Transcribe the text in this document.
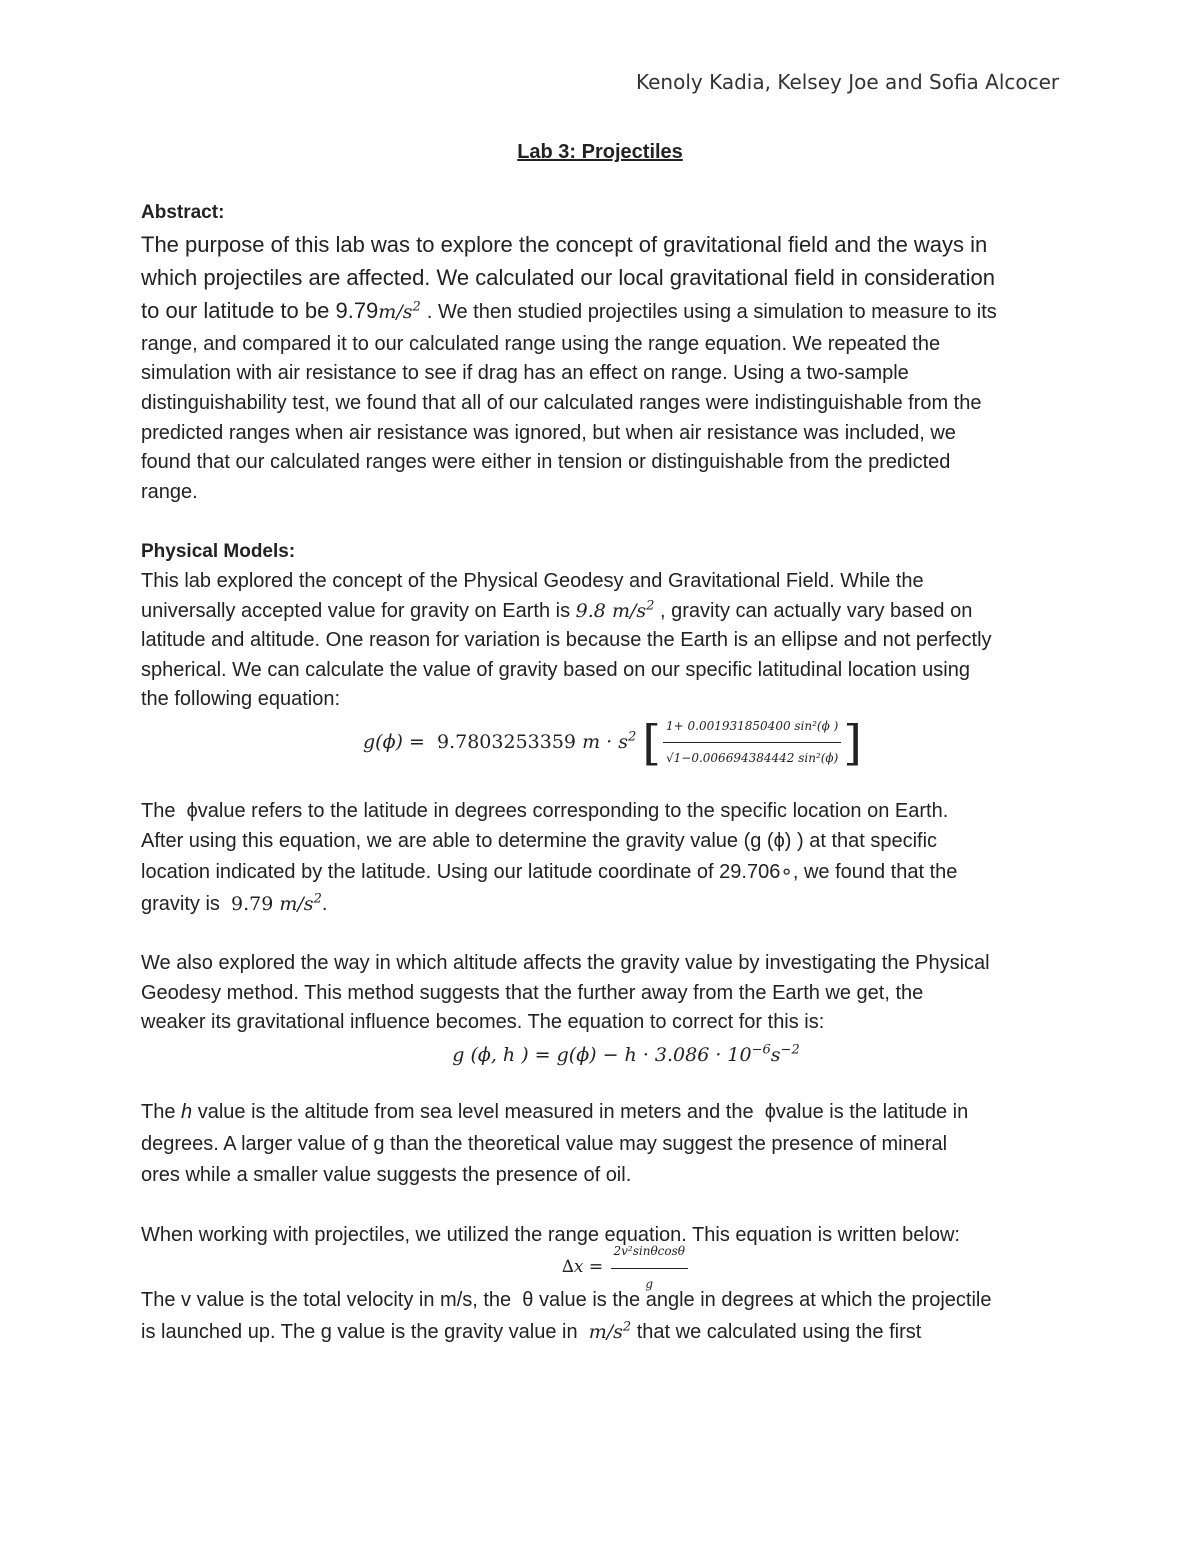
Kenoly Kadia, Kelsey Joe and Sofia Alcocer
Lab 3: Projectiles

Abstract:

The purpose of this lab was to explore the concept of gravitational field and the ways in

which projectiles are affected. We calculated our local gravitational field in consideration

to our latitude to be $9.79m/s^2$ . We then studied projectiles using a simulation to measure to its

range, and compared it to our calculated range using the range equation. We repeated the

simulation with air resistance to see if drag has an effect on range. Using a two-sample

distinguishability test, we found that all of our calculated ranges were indistinguishable from the

predicted ranges when air resistance was ignored, but when air resistance was included, we

found that our calculated ranges were either in tension or distinguishable from the predicted

range.

Physical Models:

This lab explored the concept of the Physical Geodesy and Gravitational Field. While the

universally accepted value for gravity on Earth is 9.8 $m/s^2$ , gravity can actually vary based on

latitude and altitude. One reason for variation is because the Earth is an ellipse and not perfectly

spherical. We can calculate the value of gravity based on our specific latitudinal location using

the following equation:

g(ϕ) =
9.7803253359
$m \cdot s^2$
[ $\frac{\text{1+ 0.001931850400 sin²(ϕ )}}{\text{√1−0.006694384442 sin²(ϕ)}}$ ]

The ϕvalue refers to the latitude in degrees corresponding to the specific location on Earth.

After using this equation, we are able to determine the gravity value (g (ϕ) ) at that specific

location indicated by the latitude. Using our latitude coordinate of 29.706∘, we found that the

gravity is 9.79 $m/s^2$.

We also explored the way in which altitude affects the gravity value by investigating the Physical

Geodesy method. This method suggests that the further away from the Earth we get, the

weaker its gravitational influence becomes. The equation to correct for this is:

g (ϕ, h ) = $g(\phi) - h \cdot 3.086 \cdot 10^{-6}s^{-2}$

The h value is the altitude from sea level measured in meters and the ϕvalue is the latitude in

degrees. A larger value of g than the theoretical value may suggest the presence of mineral

ores while a smaller value suggests the presence of oil.

When working with projectiles, we utilized the range equation. This equation is written below:

∆x =
$\frac{\text{2v²sinθcosθ}}{g}$

The v value is the total velocity in m/s, the θ value is the angle in degrees at which the projectile

is launched up. The g value is the gravity value in $m/s^2$ that we calculated using the first
